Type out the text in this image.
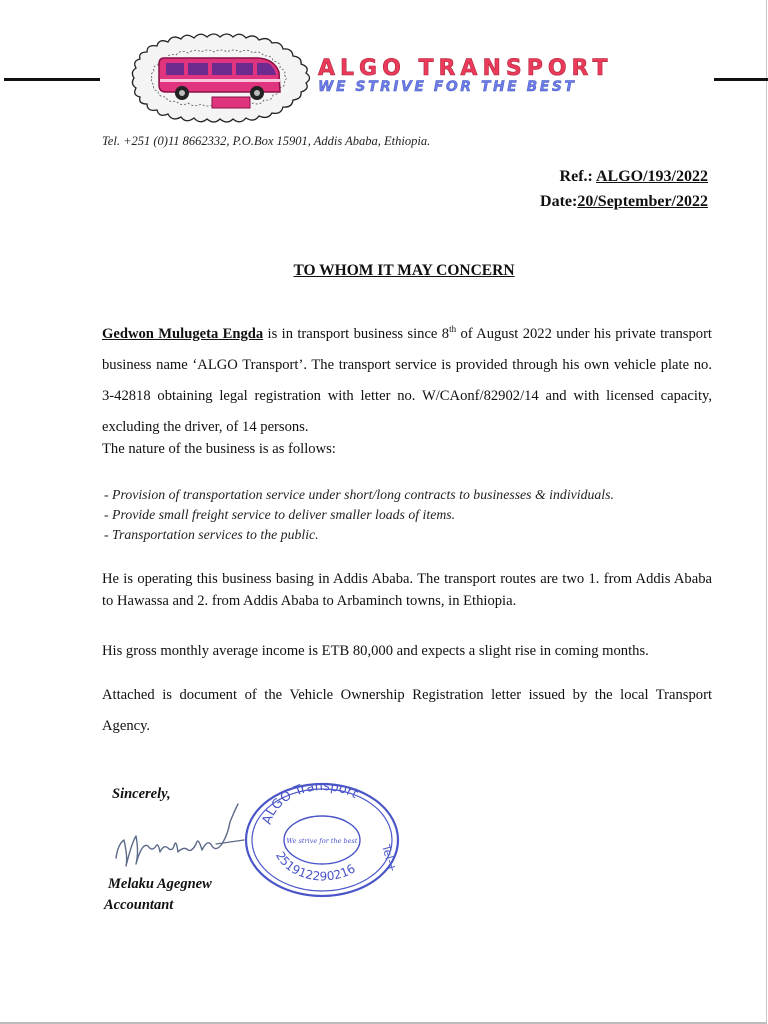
ALGO TRANSPORT
WE STRIVE FOR THE BEST
Tel. +251 (0)11 8662332, P.O.Box 15901, Addis Ababa, Ethiopia.
Ref.: ALGO/193/2022
Date:20/September/2022
TO WHOM IT MAY CONCERN

Gedwon Mulugeta Engda is in transport business since 8th of August 2022 under his private transport business name ‘ALGO Transport’. The transport service is provided through his own vehicle plate no. 3-42818 obtaining legal registration with letter no. W/CAonf/82902/14 and with licensed capacity, excluding the driver, of 14 persons.

The nature of the business is as follows:

- Provision of transportation service under short/long contracts to businesses & individuals.
- Provide small freight service to deliver smaller loads of items.
- Transportation services to the public.

He is operating this business basing in Addis Ababa. The transport routes are two 1. from Addis Ababa to Hawassa and 2. from Addis Ababa to Arbaminch towns, in Ethiopia.

His gross monthly average income is ETB 80,000 and expects a slight rise in coming months.

Attached is document of the Vehicle Ownership Registration letter issued by the local Transport Agency.

Sincerely,
Melaku Agegnew
Accountant
ALGO Transport
Tel-+
251912290216
We strive for the best
